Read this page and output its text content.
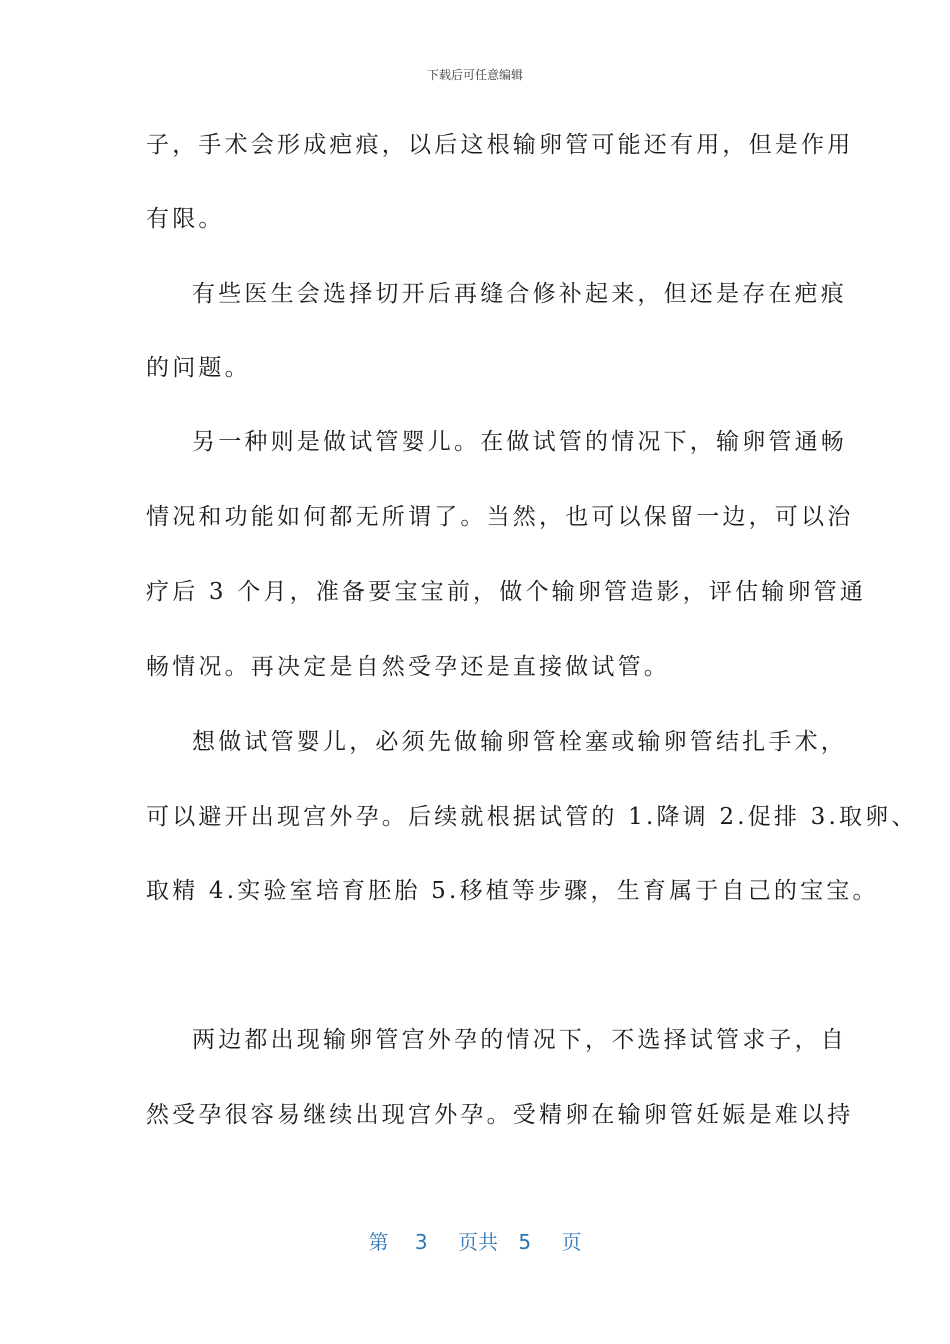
下载后可任意编辑
子，手术会形成疤痕，以后这根输卵管可能还有用，但是作用
有限。
有些医生会选择切开后再缝合修补起来，但还是存在疤痕
的问题。
另一种则是做试管婴儿。在做试管的情况下，输卵管通畅
情况和功能如何都无所谓了。当然，也可以保留一边，可以治
疗后 3 个月，准备要宝宝前，做个输卵管造影，评估输卵管通
畅情况。再决定是自然受孕还是直接做试管。
想做试管婴儿，必须先做输卵管栓塞或输卵管结扎手术，
可以避开出现宫外孕。后续就根据试管的 1.降调 2.促排 3.取卵、
取精 4.实验室培育胚胎 5.移植等步骤，生育属于自己的宝宝。
两边都出现输卵管宫外孕的情况下，不选择试管求子，自
然受孕很容易继续出现宫外孕。受精卵在输卵管妊娠是难以持
第 3 页共 5 页
